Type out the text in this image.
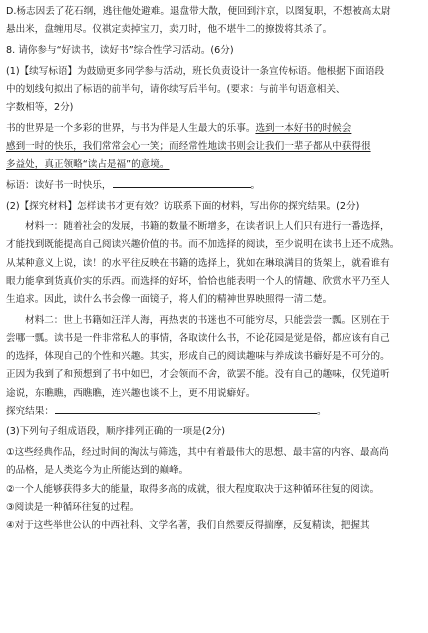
D.杨志因丢了花石纲，逃往他处避难。退盘带大散，便回到汴京，以图复职，不想被高太尉

悬出米，盘缠用尽。仪祺定卖掉宝刀，卖刀时，他不堪牛二的撩拨将其杀了。

8. 请你参与“好读书，读好书”综合性学习活动。(6分)

(1)【续写标语】为鼓励更多同学参与活动，班长负责设计一条宣传标语。他根据下面语段

中的划线句拟出了标语的前半句，请你续写后半句。(要求：与前半句语意相关、

字数相等，2分)

书的世界是一个多彩的世界，与书为伴是人生最大的乐事。选到一本好书的时候会

感到一时的快乐，我们常常会心一笑；而经常性地读书则会让我们一辈子都从中获得很

多益处，真正领略“读占是福”的意境。

标语：读好书一时快乐，	。

(2)【探究材料】怎样读书才更有效？访联系下面的材料，写出你的探究结果。(2分)

材料一：随着社会的发展，书籍的数量不断增多，在读者识上人们只有进行一番选择，

才能找到既能提高自己阅读兴趣价值的书。而不加选择的阅读，至少说明在读书上还不成熟。

从某种意义上说，读！的水平往反映在书籍的选择上，犹如在琳琅满目的货架上，就看谁有

眼力能拿到货真价实的乐西。而选择的好坏，恰恰也能表明一个人的情趣、欣赏水平乃至人

生追求。因此，读什么书会像一面镜子，将人们的精神世界映照得一清二楚。

材料二：世上书籍如汪洋人海，再热衷的书迷也不可能穷尽，只能尝尝一瓢。区别在于

尝哪一瓢。读书是一件非常私人的事情，各取读什么书，不论花园是觉是俗，都应该有自己

的选择，体现自己的个性和兴趣。其实，形成自己的阅读趣味与养成读书癖好是不可分的。

正因为我到了和预想到了书中如巴，才会领而不舍，欲罢不能。没有自己的趣味，仅凭道听

途说，东瞧瞧，西瞧瞧，连兴趣也谈不上，更不用说癖好。

探究结果：	。

(3)下列句子组成语段，顺序排列正确的一项是(2分)

①这些经典作品，经过时间的淘汰与筛选，其中有着最伟大的思想、最丰富的内容、最高尚

的品格，是人类迄今为止所能达到的巅峰。

②一个人能够获得多大的能量，取得多高的成就，很大程度取决于这种循环往复的阅读。

③阅读是一种循环往复的过程。

④对于这些举世公认的中西社科、文学名著，我们自然要反得揣摩，反复精读，把握其
